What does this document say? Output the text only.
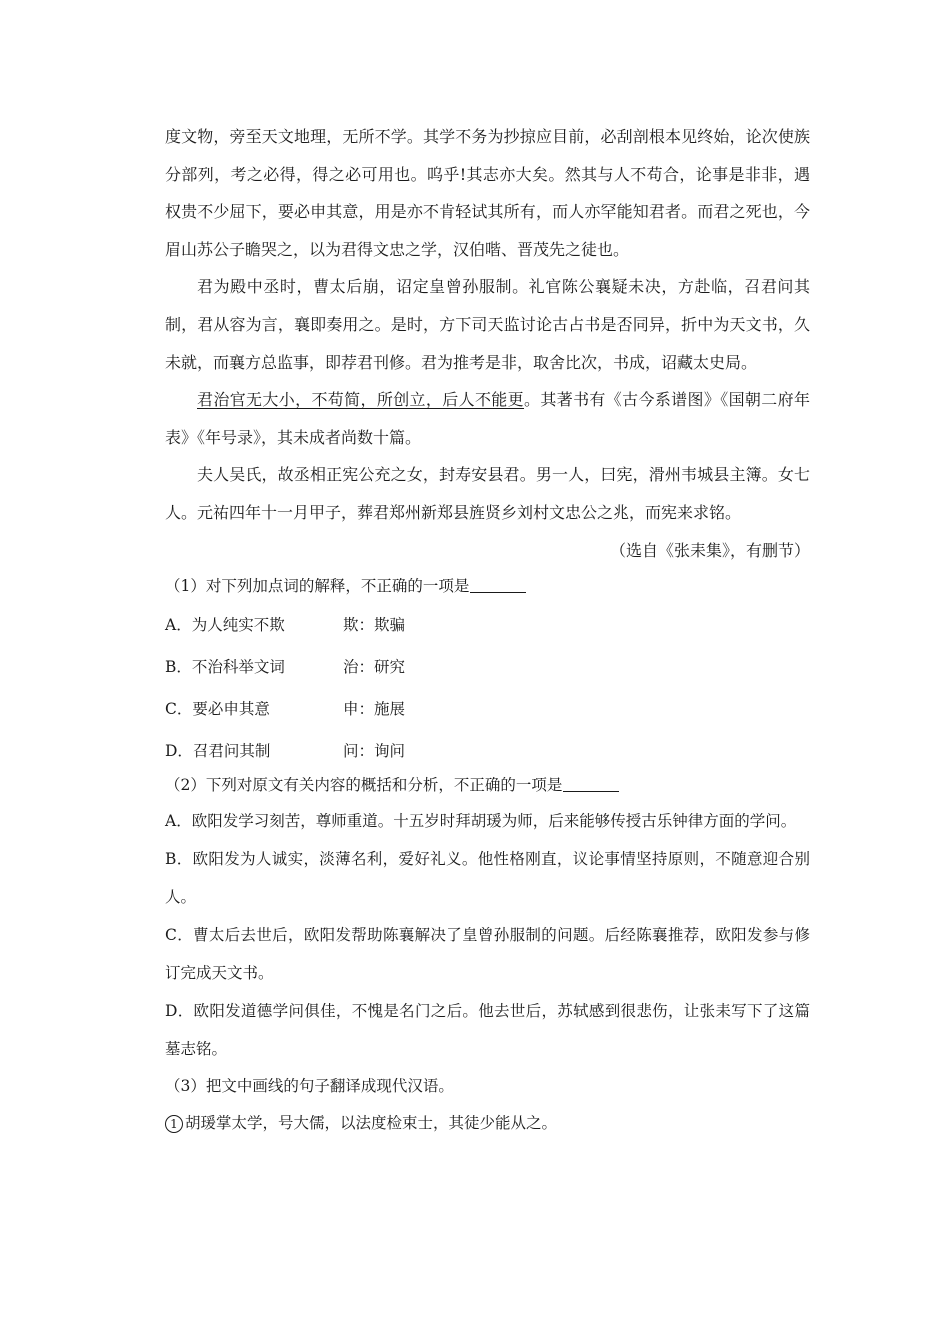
度文物，旁至天文地理，无所不学。其学不务为抄掠应目前，必刮剖根本见终始，论次使族分部列，考之必得，得之必可用也。呜乎!其志亦大矣。然其与人不苟合，论事是非非，遇权贵不少屈下，要必申其意，用是亦不肯轻试其所有，而人亦罕能知君者。而君之死也，今眉山苏公子瞻哭之，以为君得文忠之学，汉伯喈、晋茂先之徒也。

君为殿中丞时，曹太后崩，诏定皇曾孙服制。礼官陈公襄疑未决，方赴临，召君问其制，君从容为言，襄即奏用之。是时，方下司天监讨论古占书是否同异，折中为天文书，久未就，而襄方总监事，即荐君刊修。君为推考是非，取舍比次，书成，诏藏太史局。

君治官无大小，不苟简，所创立，后人不能更。其著书有《古今系谱图》《国朝二府年表》《年号录》，其未成者尚数十篇。

夫人吴氏，故丞相正宪公充之女，封寿安县君。男一人，曰宪，滑州韦城县主簿。女七人。元祐四年十一月甲子，葬君郑州新郑县旌贤乡刘村文忠公之兆，而宪来求铭。

（选自《张耒集》，有删节）

（1）对下列加点词的解释，不正确的一项是

A．为人纯实不欺	欺：欺骗
B．不治科举文词	治：研究
C．要必申其意	申：施展
D．召君问其制	问：询问

（2）下列对原文有关内容的概括和分析，不正确的一项是

A．欧阳发学习刻苦，尊师重道。十五岁时拜胡瑗为师，后来能够传授古乐钟律方面的学问。

B．欧阳发为人诚实，淡薄名利，爱好礼义。他性格刚直，议论事情坚持原则，不随意迎合别人。

C．曹太后去世后，欧阳发帮助陈襄解决了皇曾孙服制的问题。后经陈襄推荐，欧阳发参与修订完成天文书。

D．欧阳发道德学问俱佳，不愧是名门之后。他去世后，苏轼感到很悲伤，让张耒写下了这篇墓志铭。

（3）把文中画线的句子翻译成现代汉语。

1 胡瑗掌太学，号大儒，以法度检束士，其徒少能从之。
